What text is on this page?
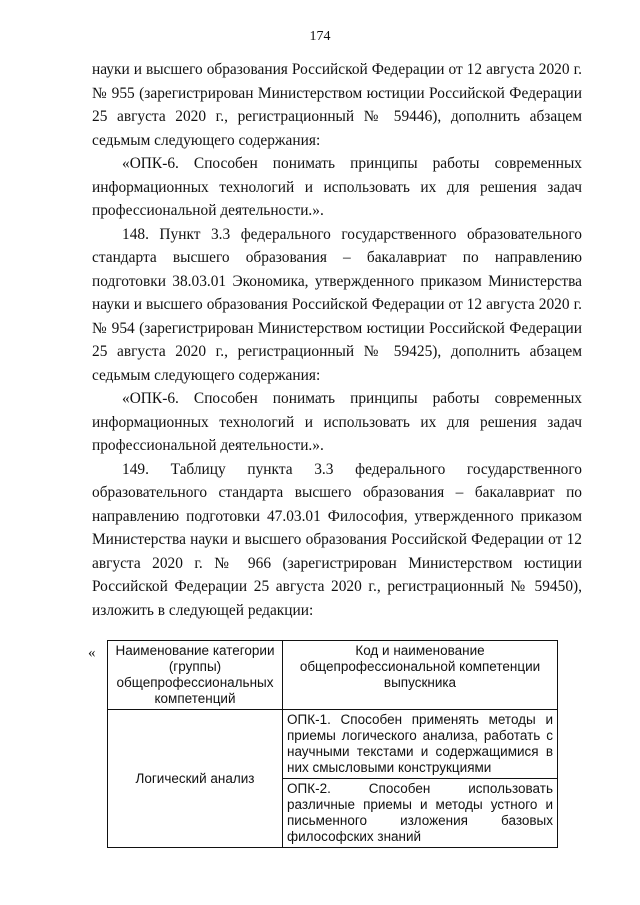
174

науки и высшего образования Российской Федерации от 12 августа 2020 г. № 955 (зарегистрирован Министерством юстиции Российской Федерации 25 августа 2020 г., регистрационный № 59446), дополнить абзацем седьмым следующего содержания:

«ОПК-6. Способен понимать принципы работы современных информационных технологий и использовать их для решения задач профессиональной деятельности.».

148. Пункт 3.3 федерального государственного образовательного стандарта высшего образования – бакалавриат по направлению подготовки 38.03.01 Экономика, утвержденного приказом Министерства науки и высшего образования Российской Федерации от 12 августа 2020 г. № 954 (зарегистрирован Министерством юстиции Российской Федерации 25 августа 2020 г., регистрационный № 59425), дополнить абзацем седьмым следующего содержания:

«ОПК-6. Способен понимать принципы работы современных информационных технологий и использовать их для решения задач профессиональной деятельности.».

149. Таблицу пункта 3.3 федерального государственного образовательного стандарта высшего образования – бакалавриат по направлению подготовки 47.03.01 Философия, утвержденного приказом Министерства науки и высшего образования Российской Федерации от 12 августа 2020 г. № 966 (зарегистрирован Министерством юстиции Российской Федерации 25 августа 2020 г., регистрационный № 59450), изложить в следующей редакции:

« Наименование категории (группы) общепрофессиональных компетенций	Код и наименование общепрофессиональной компетенции выпускника
Логический анализ	ОПК-1. Способен применять методы и приемы логического анализа, работать с научными текстами и содержащимися в них смысловыми конструкциями
	ОПК-2. Способен использовать различные приемы и методы устного и письменного изложения базовых философских знаний
